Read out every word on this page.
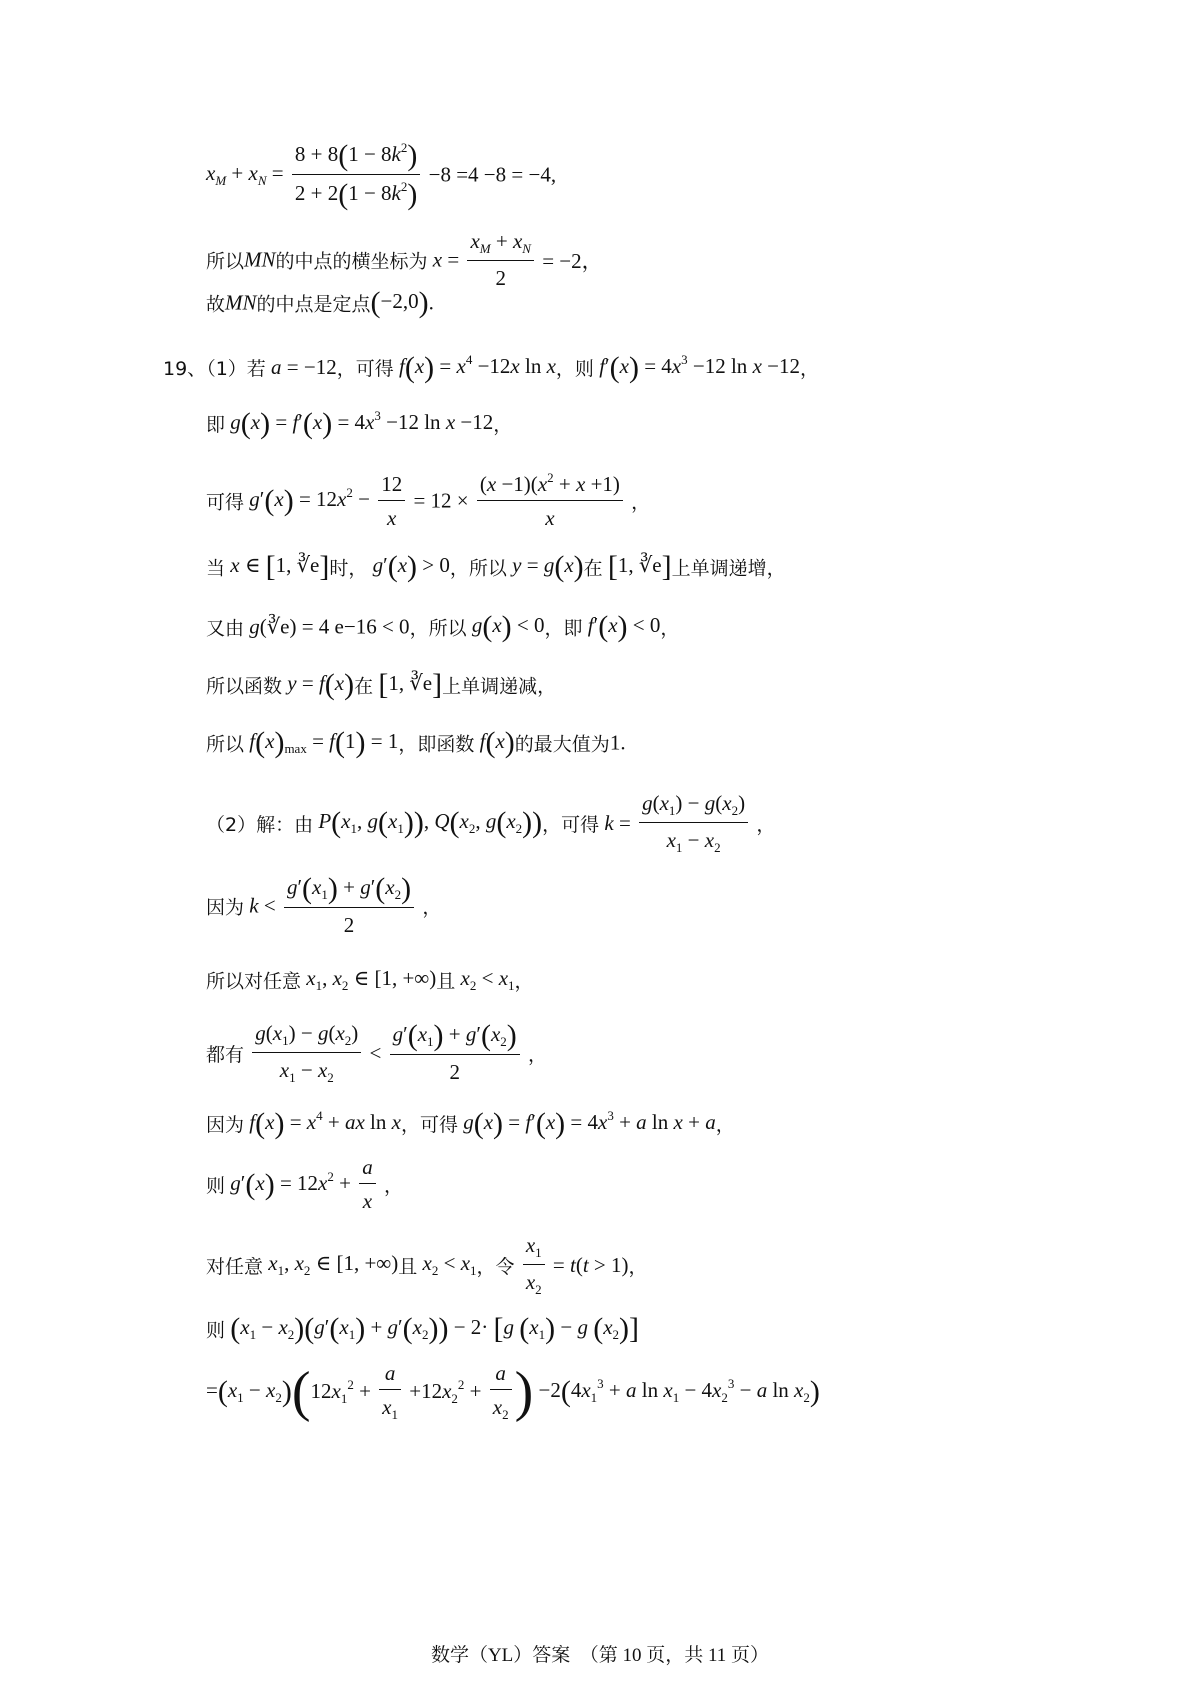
$x_M + x_N = \frac{8 + 8(1 - 8k^2)}{2 + 2(1 - 8k^2)} -8 =4 -8 = -4$,
所以MN的中点的横坐标为 $x = \frac{x_M + x_N}{2} = -2$，
故MN的中点是定点(−2,0).
19、（1）若 a = −12，可得 $f(x) = x^4 -12x$ ln x，则 $f'(x) = 4x^3 -12$ ln x −12，
即 $g(x) = f'(x) = 4x^3 -12$ ln x −12，
可得 $g'(x) = 12x^2 - \frac{12}{x} = 12 \times \frac{(x -1)(x^2 + x +1)}{x}$ ，
当 x ∈ [1, ∛e]时， g′(x) > 0，所以 y = g(x)在 [1, ∛e]上单调递增，
又由 g(∛e) = 4 e−16 < 0，所以 g(x) < 0，即 f′(x) < 0，
所以函数 y = f(x)在 [1, ∛e]上单调递减，
所以 $f(x)_{max} = f(1) = 1$，即函数 f(x)的最大值为1.
（2）解：由 $P(x_1$, $g(x_1)$), $Q(x_2$, $g(x_2)$)，可得 $k = \frac{g(x_1) - g(x_2)}{x_1 - x_2}$ ，
因为 $k < \frac{g'(x_1) + g'(x_2)}{2}$ ，
所以对任意 $x_1$, $x_2$ ∈ [1, +∞)且 $x_2 < x_1$，
都有 $\frac{g(x_1) - g(x_2)}{x_1 - x_2} < \frac{g'(x_1) + g'(x_2)}{2}$ ，
因为 $f(x) = x^4$ + ax ln x，可得 $g(x) = f'(x) = 4x^3 + a$ ln x + a，
则 $g'(x) = 12x^2 + \frac{a}{x}$ ，
对任意 $x_1$, $x_2$ ∈ [1, +∞)且 $x_2 < x_1$，令 $\frac{x_1}{x_2} = t(t > 1)$，
则 $(x_1 - x_2)(g'(x_1) + g'(x_2)) - 2\cdot [g$ $(x_1) - g$ $(x_2)$]
$=(x_1 - x_2)(12x_1^2 + \frac{a}{x_1} +12x_2^2 + \frac{a}{x_2}$ ) $-2(4x_1^3 + a$ $\ln x_1 - 4x_2^3 - a$ $\ln x_2$)
数学（YL）答案　（第 10 页，共 11 页）
